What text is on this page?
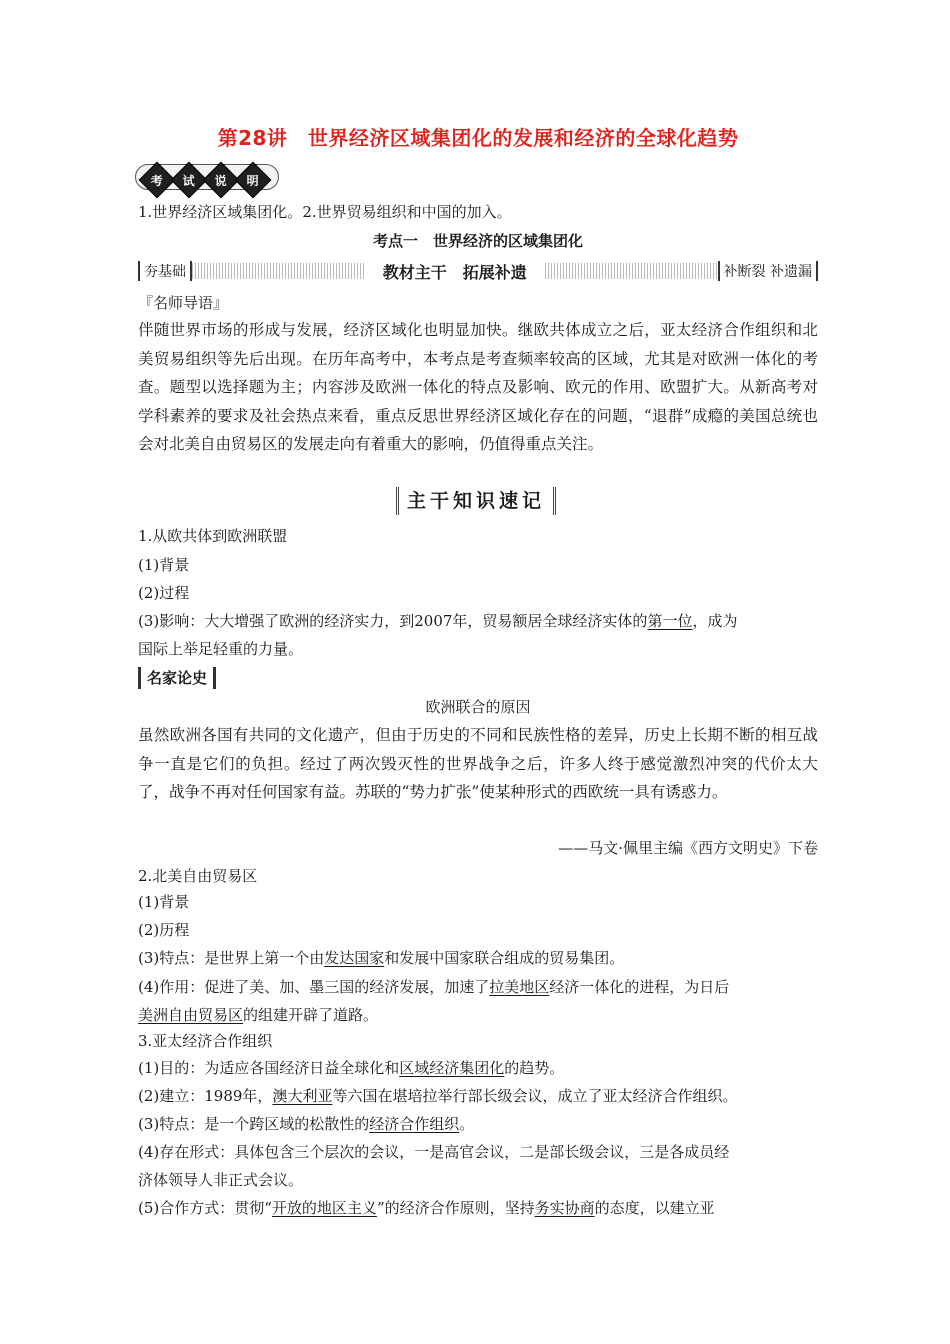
第28讲　世界经济区域集团化的发展和经济的全球化趋势
考 试 说 明
1.世界经济区域集团化。2.世界贸易组织和中国的加入。
考点一　世界经济的区域集团化
夯基础	教材主干　拓展补遗	补断裂 补遗漏
『名师导语』
伴随世界市场的形成与发展，经济区域化也明显加快。继欧共体成立之后，亚太经济合作组织和北美贸易组织等先后出现。在历年高考中，本考点是考查频率较高的区域，尤其是对欧洲一体化的考查。题型以选择题为主；内容涉及欧洲一体化的特点及影响、欧元的作用、欧盟扩大。从新高考对学科素养的要求及社会热点来看，重点反思世界经济区域化存在的问题，“退群”成瘾的美国总统也会对北美自由贸易区的发展走向有着重大的影响，仍值得重点关注。
主干知识速记
1.从欧共体到欧洲联盟
(1)背景
(2)过程
(3)影响：大大增强了欧洲的经济实力，到2007年，贸易额居全球经济实体的第一位，成为
国际上举足轻重的力量。
名家论史
欧洲联合的原因
虽然欧洲各国有共同的文化遗产，但由于历史的不同和民族性格的差异，历史上长期不断的相互战争一直是它们的负担。经过了两次毁灭性的世界战争之后，许多人终于感觉激烈冲突的代价太大了，战争不再对任何国家有益。苏联的“势力扩张”使某种形式的西欧统一具有诱惑力。
——马文·佩里主编《西方文明史》下卷
2.北美自由贸易区
(1)背景
(2)历程
(3)特点：是世界上第一个由发达国家和发展中国家联合组成的贸易集团。
(4)作用：促进了美、加、墨三国的经济发展，加速了拉美地区经济一体化的进程，为日后
美洲自由贸易区的组建开辟了道路。
3.亚太经济合作组织
(1)目的：为适应各国经济日益全球化和区域经济集团化的趋势。
(2)建立：1989年，澳大利亚等六国在堪培拉举行部长级会议，成立了亚太经济合作组织。
(3)特点：是一个跨区域的松散性的经济合作组织。
(4)存在形式：具体包含三个层次的会议，一是高官会议，二是部长级会议，三是各成员经
济体领导人非正式会议。
(5)合作方式：贯彻“开放的地区主义”的经济合作原则，坚持务实协商的态度，以建立亚
